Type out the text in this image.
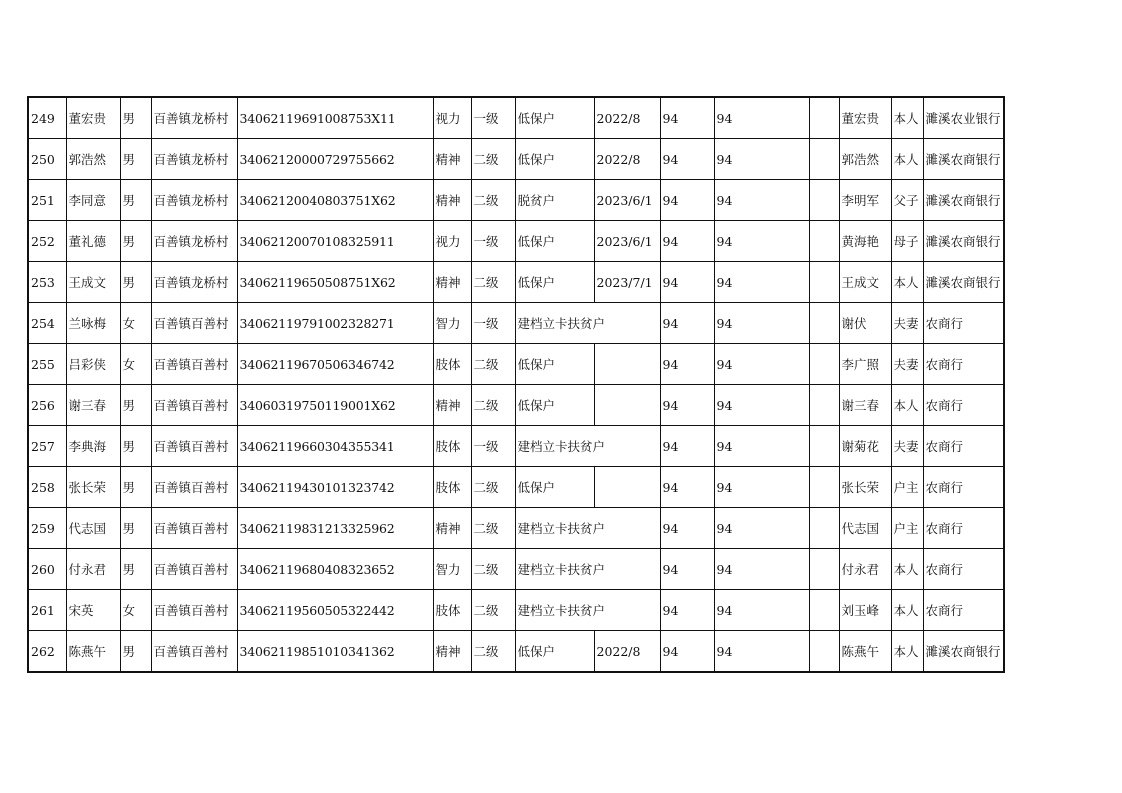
249	董宏贵	男	百善镇龙桥村	34062119691008753X11	视力	一级	低保户	2022/8	94	94		董宏贵	本人	濉溪农业银行
250	郭浩然	男	百善镇龙桥村	34062120000729755662	精神	二级	低保户	2022/8	94	94		郭浩然	本人	濉溪农商银行
251	李同意	男	百善镇龙桥村	34062120040803751X62	精神	二级	脱贫户	2023/6/1	94	94		李明军	父子	濉溪农商银行
252	董礼德	男	百善镇龙桥村	34062120070108325911	视力	一级	低保户	2023/6/1	94	94		黄海艳	母子	濉溪农商银行
253	王成文	男	百善镇龙桥村	34062119650508751X62	精神	二级	低保户	2023/7/1	94	94		王成文	本人	濉溪农商银行
254	兰咏梅	女	百善镇百善村	34062119791002328271	智力	一级	建档立卡扶贫户		94	94		谢伏	夫妻	农商行
255	吕彩侠	女	百善镇百善村	34062119670506346742	肢体	二级	低保户		94	94		李广照	夫妻	农商行
256	谢三春	男	百善镇百善村	34060319750119001X62	精神	二级	低保户		94	94		谢三春	本人	农商行
257	李典海	男	百善镇百善村	34062119660304355341	肢体	一级	建档立卡扶贫户		94	94		谢菊花	夫妻	农商行
258	张长荣	男	百善镇百善村	34062119430101323742	肢体	二级	低保户		94	94		张长荣	户主	农商行
259	代志国	男	百善镇百善村	34062119831213325962	精神	二级	建档立卡扶贫户		94	94		代志国	户主	农商行
260	付永君	男	百善镇百善村	34062119680408323652	智力	二级	建档立卡扶贫户		94	94		付永君	本人	农商行
261	宋英	女	百善镇百善村	34062119560505322442	肢体	二级	建档立卡扶贫户		94	94		刘玉峰	本人	农商行
262	陈燕午	男	百善镇百善村	34062119851010341362	精神	二级	低保户	2022/8	94	94		陈燕午	本人	濉溪农商银行
